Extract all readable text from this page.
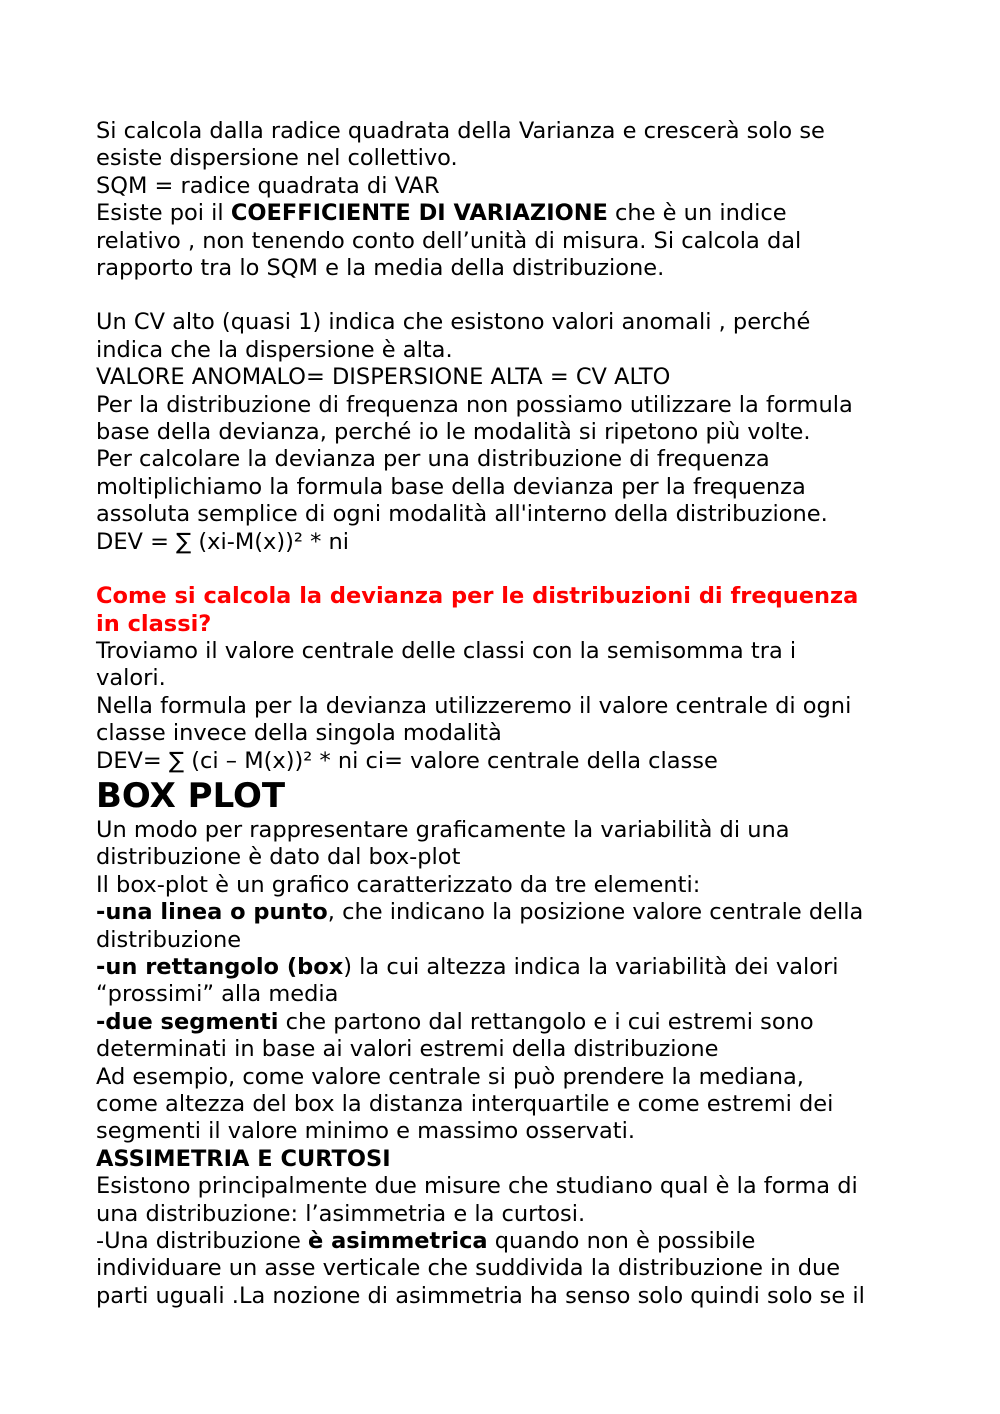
Si calcola dalla radice quadrata della Varianza e crescerà solo se
esiste dispersione nel collettivo.
SQM = radice quadrata di VAR
Esiste poi il COEFFICIENTE DI VARIAZIONE che è un indice
relativo , non tenendo conto dell’unità di misura. Si calcola dal
rapporto tra lo SQM e la media della distribuzione.
Un CV alto (quasi 1) indica che esistono valori anomali , perché
indica che la dispersione è alta.
VALORE ANOMALO= DISPERSIONE ALTA = CV ALTO
Per la distribuzione di frequenza non possiamo utilizzare la formula
base della devianza, perché io le modalità si ripetono più volte.
Per calcolare la devianza per una distribuzione di frequenza
moltiplichiamo la formula base della devianza per la frequenza
assoluta semplice di ogni modalità all'interno della distribuzione.
DEV = ∑ (xi-M(x))² * ni
Come si calcola la devianza per le distribuzioni di frequenza
in classi?
Troviamo il valore centrale delle classi con la semisomma tra i
valori.
Nella formula per la devianza utilizzeremo il valore centrale di ogni
classe invece della singola modalità
DEV= ∑ (ci – M(x))² * ni ci= valore centrale della classe
BOX PLOT
Un modo per rappresentare graficamente la variabilità di una
distribuzione è dato dal box-plot
Il box-plot è un grafico caratterizzato da tre elementi:
-una linea o punto, che indicano la posizione valore centrale della
distribuzione
-un rettangolo (box) la cui altezza indica la variabilità dei valori
“prossimi” alla media
-due segmenti che partono dal rettangolo e i cui estremi sono
determinati in base ai valori estremi della distribuzione
Ad esempio, come valore centrale si può prendere la mediana,
come altezza del box la distanza interquartile e come estremi dei
segmenti il valore minimo e massimo osservati.
ASSIMETRIA E CURTOSI
Esistono principalmente due misure che studiano qual è la forma di
una distribuzione: l’asimmetria e la curtosi.
-Una distribuzione è asimmetrica quando non è possibile
individuare un asse verticale che suddivida la distribuzione in due
parti uguali .La nozione di asimmetria ha senso solo quindi solo se il
